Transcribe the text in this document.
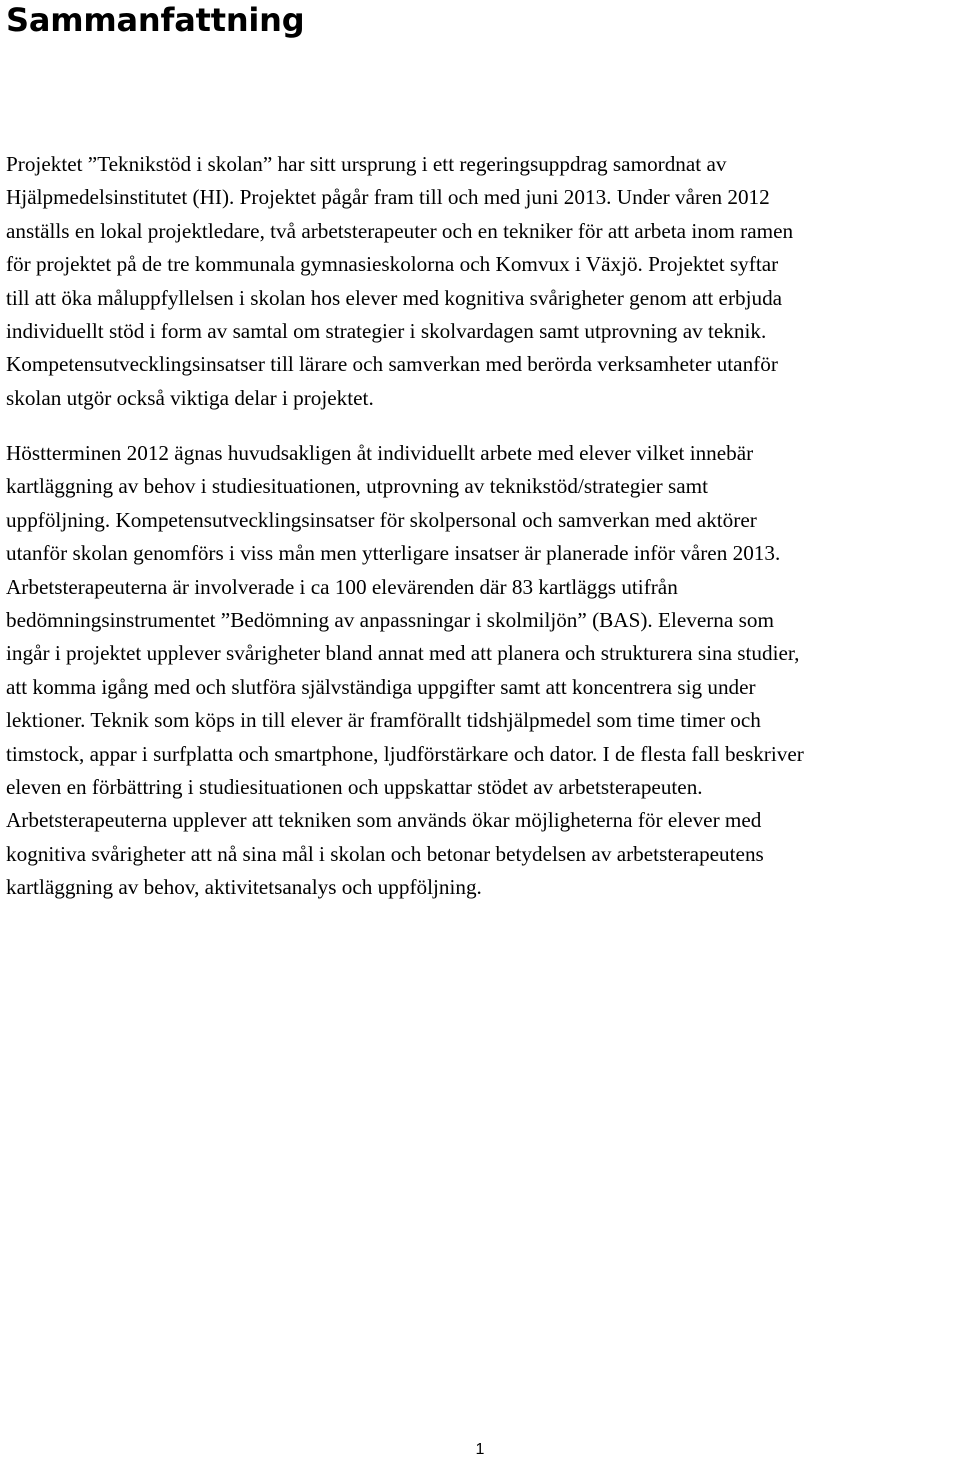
Sammanfattning

Projektet ”Teknikstöd i skolan” har sitt ursprung i ett regeringsuppdrag samordnat av
Hjälpmedelsinstitutet (HI). Projektet pågår fram till och med juni 2013. Under våren 2012
anställs en lokal projektledare, två arbetsterapeuter och en tekniker för att arbeta inom ramen
för projektet på de tre kommunala gymnasieskolorna och Komvux i Växjö. Projektet syftar
till att öka måluppfyllelsen i skolan hos elever med kognitiva svårigheter genom att erbjuda
individuellt stöd i form av samtal om strategier i skolvardagen samt utprovning av teknik.
Kompetensutvecklingsinsatser till lärare och samverkan med berörda verksamheter utanför
skolan utgör också viktiga delar i projektet.

Höstterminen 2012 ägnas huvudsakligen åt individuellt arbete med elever vilket innebär
kartläggning av behov i studiesituationen, utprovning av teknikstöd/strategier samt
uppföljning. Kompetensutvecklingsinsatser för skolpersonal och samverkan med aktörer
utanför skolan genomförs i viss mån men ytterligare insatser är planerade inför våren 2013.
Arbetsterapeuterna är involverade i ca 100 elevärenden där 83 kartläggs utifrån
bedömningsinstrumentet ”Bedömning av anpassningar i skolmiljön” (BAS). Eleverna som
ingår i projektet upplever svårigheter bland annat med att planera och strukturera sina studier,
att komma igång med och slutföra självständiga uppgifter samt att koncentrera sig under
lektioner. Teknik som köps in till elever är framförallt tidshjälpmedel som time timer och
timstock, appar i surfplatta och smartphone, ljudförstärkare och dator. I de flesta fall beskriver
eleven en förbättring i studiesituationen och uppskattar stödet av arbetsterapeuten.
Arbetsterapeuterna upplever att tekniken som används ökar möjligheterna för elever med
kognitiva svårigheter att nå sina mål i skolan och betonar betydelsen av arbetsterapeutens
kartläggning av behov, aktivitetsanalys och uppföljning.

1
